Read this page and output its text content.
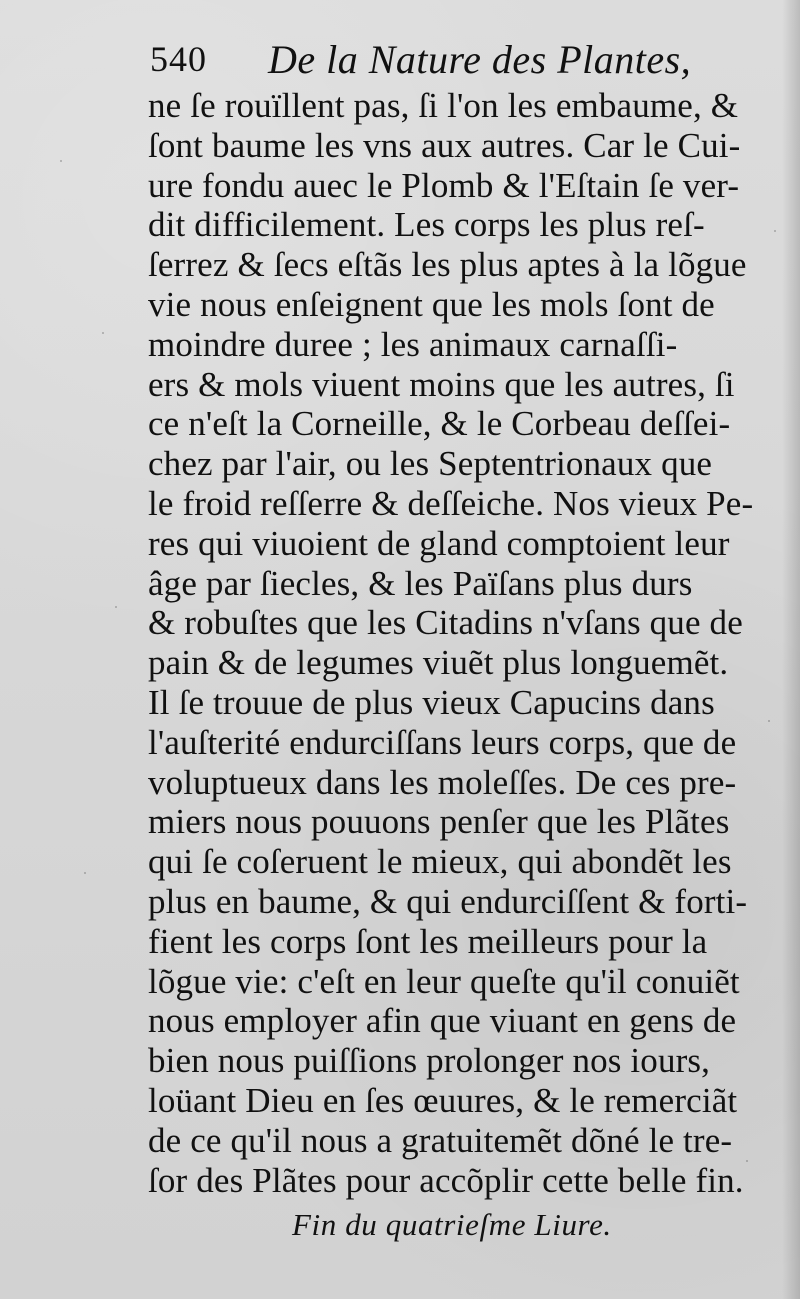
540 De la Nature des Plantes,
ne ſe rouïllent pas, ſi l'on les embaume, &
ſont baume les vns aux autres. Car le Cui-
ure fondu auec le Plomb & l'Eſtain ſe ver-
dit difficilement. Les corps les plus reſ-
ſerrez & ſecs eſtãs les plus aptes à la lõgue
vie nous enſeignent que les mols ſont de
moindre duree ; les animaux carnaſſi-
ers & mols viuent moins que les autres, ſi
ce n'eſt la Corneille, & le Corbeau deſſei-
chez par l'air, ou les Septentrionaux que
le froid reſſerre & deſſeiche. Nos vieux Pe-
res qui viuoient de gland comptoient leur
âge par ſiecles, & les Païſans plus durs
& robuſtes que les Citadins n'vſans que de
pain & de legumes viuẽt plus longuemẽt.
Il ſe trouue de plus vieux Capucins dans
l'auſterité endurciſſans leurs corps, que de
voluptueux dans les moleſſes. De ces pre-
miers nous pouuons penſer que les Plãtes
qui ſe coſeruent le mieux, qui abondẽt les
plus en baume, & qui endurciſſent & forti-
fient les corps ſont les meilleurs pour la
lõgue vie: c'eſt en leur queſte qu'il conuiẽt
nous employer afin que viuant en gens de
bien nous puiſſions prolonger nos iours,
loüant Dieu en ſes œuures, & le remerciãt
de ce qu'il nous a gratuitemẽt dõné le tre-
ſor des Plãtes pour accõplir cette belle fin.
Fin du quatrieſme Liure.
